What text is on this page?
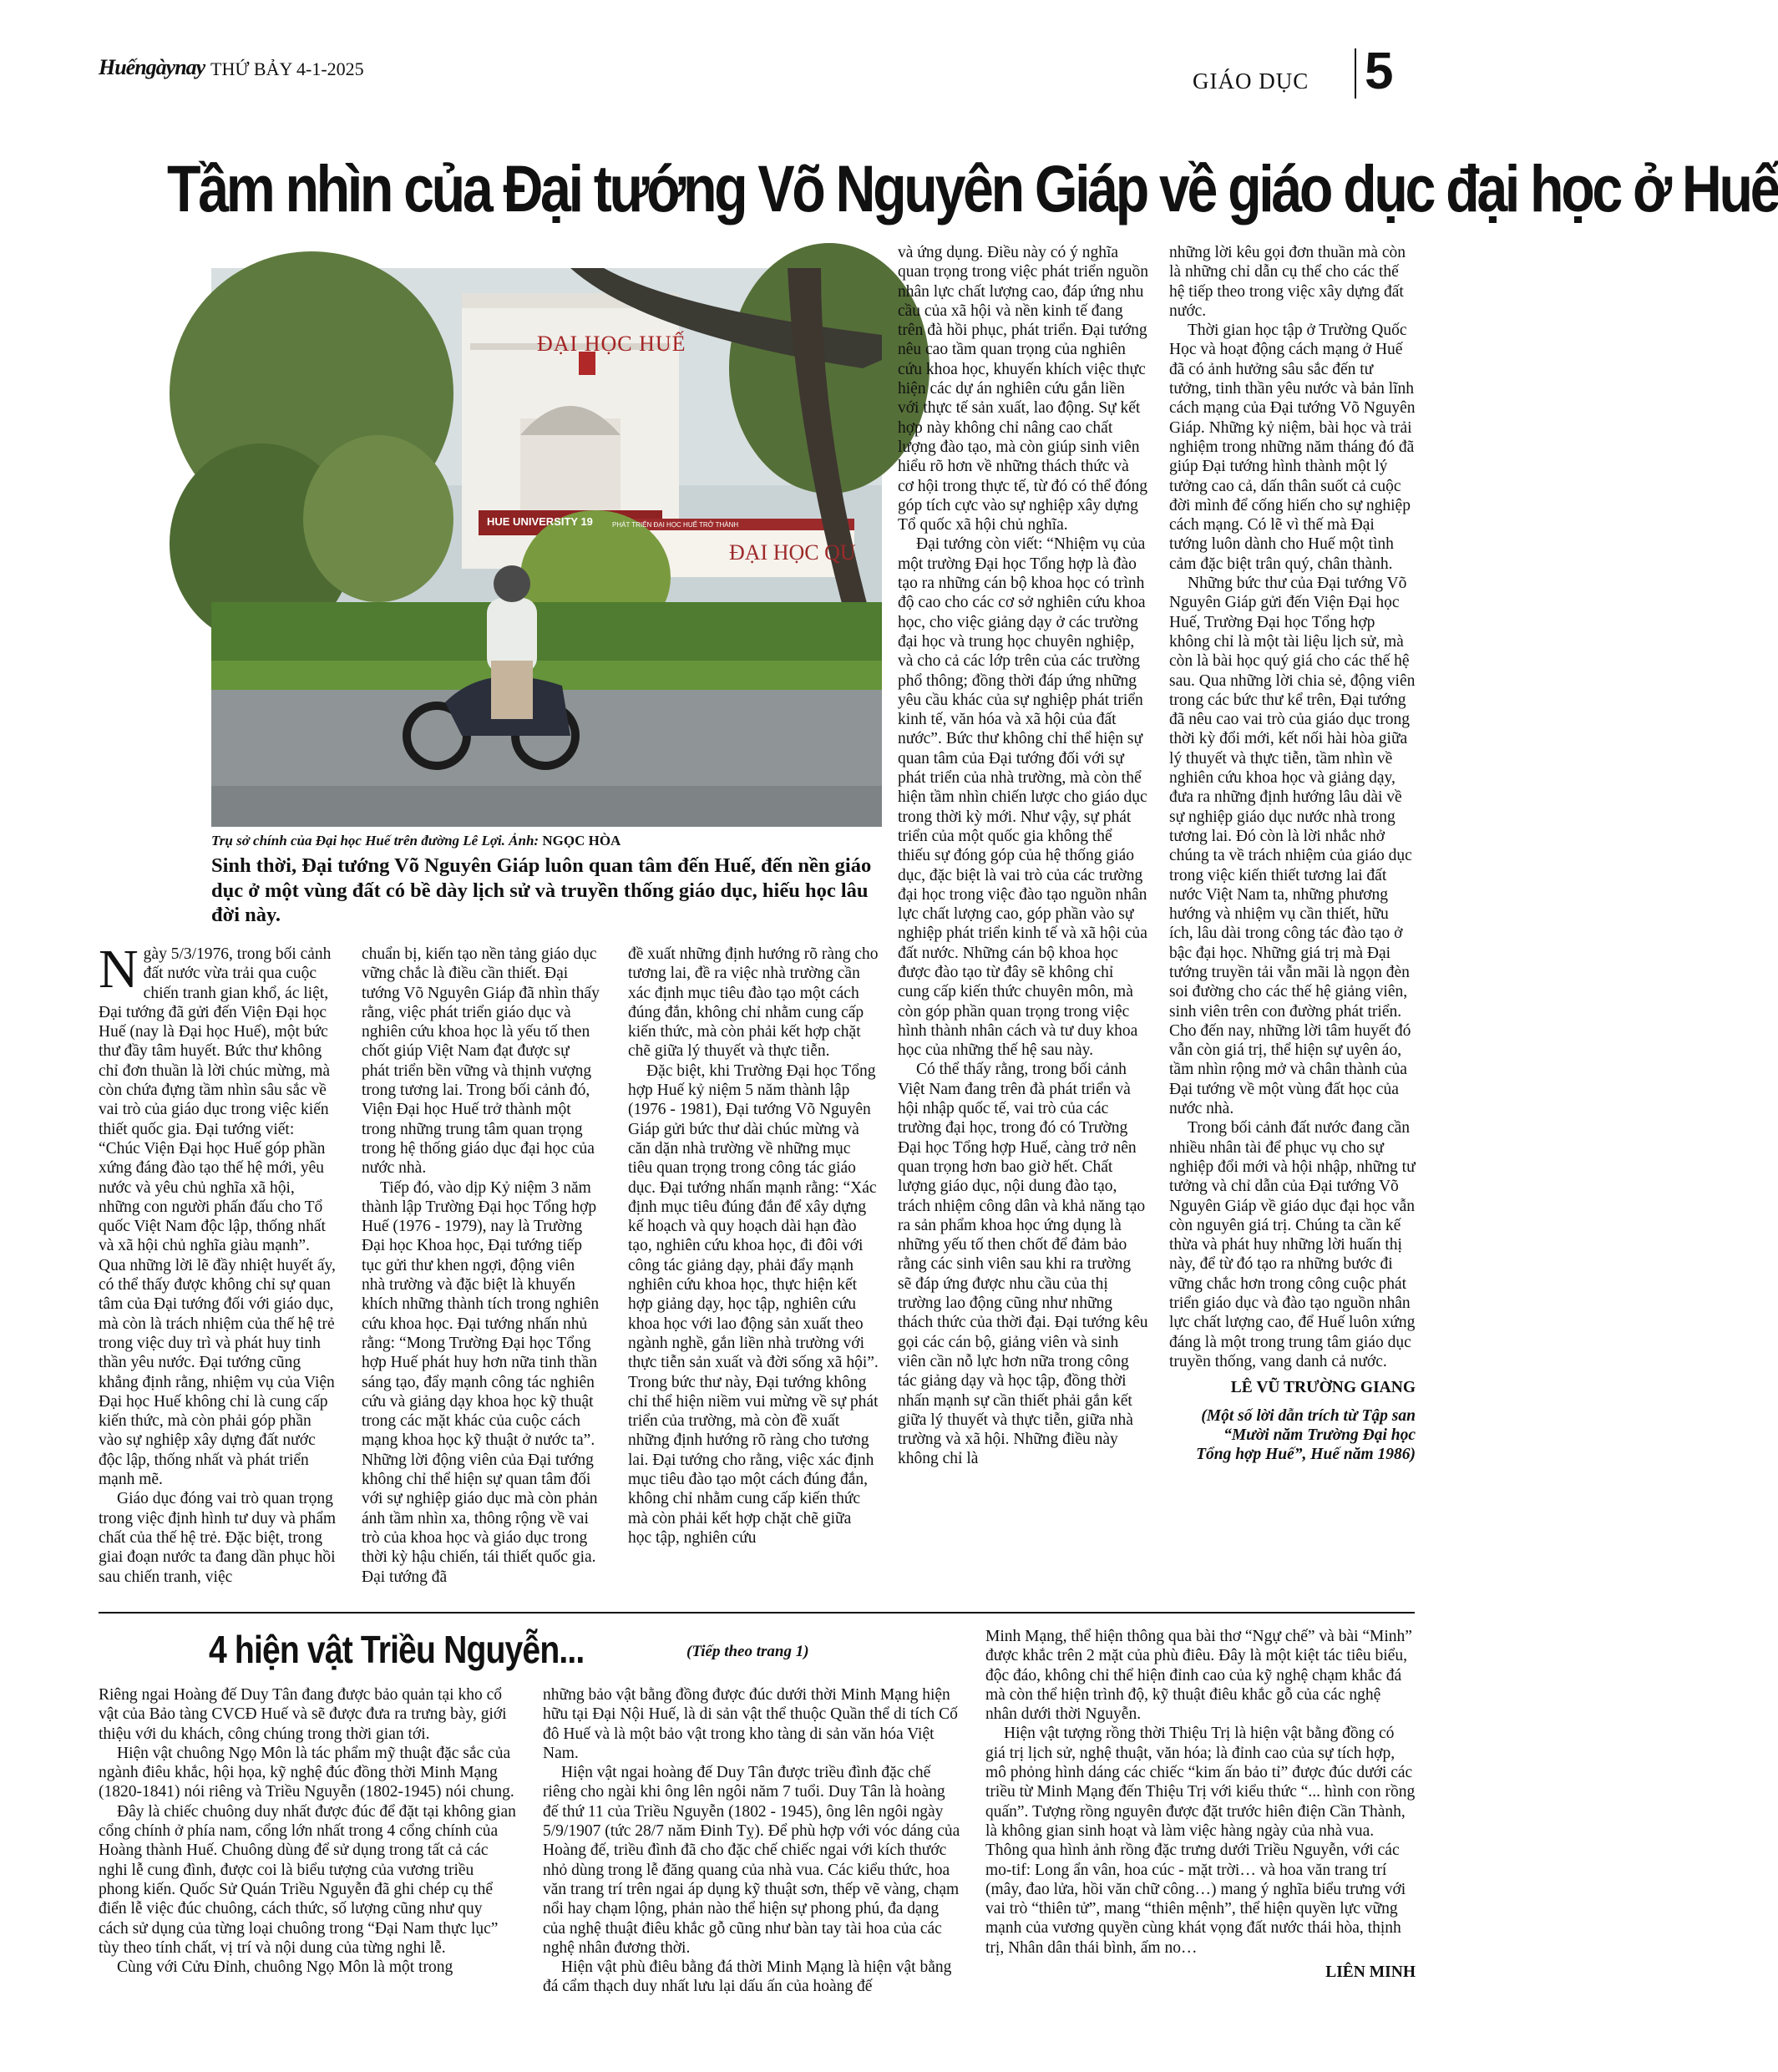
Huếngàynay THỨ BẢY 4-1-2025	GIÁO DỤC 5
Tầm nhìn của Đại tướng Võ Nguyên Giáp về giáo dục đại học ở Huế
ĐẠI HỌC HUẾ
HUE UNIVERSITY 19
ĐẠI HỌC QU
PHÁT TRIỂN ĐẠI HỌC HUẾ TRỞ THÀNH
Trụ sở chính của Đại học Huế trên đường Lê Lợi. Ảnh: NGỌC HÒA
Sinh thời, Đại tướng Võ Nguyên Giáp luôn quan tâm đến Huế, đến nền giáo dục ở một vùng đất có bề dày lịch sử và truyền thống giáo dục, hiếu học lâu đời này.

Ngày 5/3/1976, trong bối cảnh đất nước vừa trải qua cuộc chiến tranh gian khổ, ác liệt, Đại tướng đã gửi đến Viện Đại học Huế (nay là Đại học Huế), một bức thư đầy tâm huyết. Bức thư không chỉ đơn thuần là lời chúc mừng, mà còn chứa đựng tầm nhìn sâu sắc về vai trò của giáo dục trong việc kiến thiết quốc gia. Đại tướng viết: “Chúc Viện Đại học Huế góp phần xứng đáng đào tạo thế hệ mới, yêu nước và yêu chủ nghĩa xã hội, những con người phấn đấu cho Tổ quốc Việt Nam độc lập, thống nhất và xã hội chủ nghĩa giàu mạnh”. Qua những lời lẽ đầy nhiệt huyết ấy, có thể thấy được không chỉ sự quan tâm của Đại tướng đối với giáo dục, mà còn là trách nhiệm của thế hệ trẻ trong việc duy trì và phát huy tinh thần yêu nước. Đại tướng cũng khẳng định rằng, nhiệm vụ của Viện Đại học Huế không chỉ là cung cấp kiến thức, mà còn phải góp phần vào sự nghiệp xây dựng đất nước độc lập, thống nhất và phát triển mạnh mẽ.

Giáo dục đóng vai trò quan trọng trong việc định hình tư duy và phẩm chất của thế hệ trẻ. Đặc biệt, trong giai đoạn nước ta đang dần phục hồi sau chiến tranh, việc

chuẩn bị, kiến tạo nền tảng giáo dục vững chắc là điều cần thiết. Đại tướng Võ Nguyên Giáp đã nhìn thấy rằng, việc phát triển giáo dục và nghiên cứu khoa học là yếu tố then chốt giúp Việt Nam đạt được sự phát triển bền vững và thịnh vượng trong tương lai. Trong bối cảnh đó, Viện Đại học Huế trở thành một trong những trung tâm quan trọng trong hệ thống giáo dục đại học của nước nhà.

Tiếp đó, vào dịp Kỷ niệm 3 năm thành lập Trường Đại học Tổng hợp Huế (1976 - 1979), nay là Trường Đại học Khoa học, Đại tướng tiếp tục gửi thư khen ngợi, động viên nhà trường và đặc biệt là khuyến khích những thành tích trong nghiên cứu khoa học. Đại tướng nhấn nhủ rằng: “Mong Trường Đại học Tổng hợp Huế phát huy hơn nữa tinh thần sáng tạo, đẩy mạnh công tác nghiên cứu và giảng dạy khoa học kỹ thuật trong các mặt khác của cuộc cách mạng khoa học kỹ thuật ở nước ta”. Những lời động viên của Đại tướng không chỉ thể hiện sự quan tâm đối với sự nghiệp giáo dục mà còn phản ánh tầm nhìn xa, thông rộng về vai trò của khoa học và giáo dục trong thời kỳ hậu chiến, tái thiết quốc gia. Đại tướng đã

đề xuất những định hướng rõ ràng cho tương lai, đề ra việc nhà trường cần xác định mục tiêu đào tạo một cách đúng đắn, không chỉ nhằm cung cấp kiến thức, mà còn phải kết hợp chặt chẽ giữa lý thuyết và thực tiễn.

Đặc biệt, khi Trường Đại học Tổng hợp Huế kỷ niệm 5 năm thành lập (1976 - 1981), Đại tướng Võ Nguyên Giáp gửi bức thư dài chúc mừng và căn dặn nhà trường về những mục tiêu quan trọng trong công tác giáo dục. Đại tướng nhấn mạnh rằng: “Xác định mục tiêu đúng đắn để xây dựng kế hoạch và quy hoạch dài hạn đào tạo, nghiên cứu khoa học, đi đôi với công tác giảng dạy, phải đẩy mạnh nghiên cứu khoa học, thực hiện kết hợp giảng dạy, học tập, nghiên cứu khoa học với lao động sản xuất theo ngành nghề, gắn liền nhà trường với thực tiễn sản xuất và đời sống xã hội”. Trong bức thư này, Đại tướng không chỉ thể hiện niềm vui mừng về sự phát triển của trường, mà còn đề xuất những định hướng rõ ràng cho tương lai. Đại tướng cho rằng, việc xác định mục tiêu đào tạo một cách đúng đắn, không chỉ nhằm cung cấp kiến thức mà còn phải kết hợp chặt chẽ giữa học tập, nghiên cứu

và ứng dụng. Điều này có ý nghĩa quan trọng trong việc phát triển nguồn nhân lực chất lượng cao, đáp ứng nhu cầu của xã hội và nền kinh tế đang trên đà hồi phục, phát triển. Đại tướng nêu cao tầm quan trọng của nghiên cứu khoa học, khuyến khích việc thực hiện các dự án nghiên cứu gắn liền với thực tế sản xuất, lao động. Sự kết hợp này không chỉ nâng cao chất lượng đào tạo, mà còn giúp sinh viên hiểu rõ hơn về những thách thức và cơ hội trong thực tế, từ đó có thể đóng góp tích cực vào sự nghiệp xây dựng Tổ quốc xã hội chủ nghĩa.

Đại tướng còn viết: “Nhiệm vụ của một trường Đại học Tổng hợp là đào tạo ra những cán bộ khoa học có trình độ cao cho các cơ sở nghiên cứu khoa học, cho việc giảng dạy ở các trường đại học và trung học chuyên nghiệp, và cho cả các lớp trên của các trường phổ thông; đồng thời đáp ứng những yêu cầu khác của sự nghiệp phát triển kinh tế, văn hóa và xã hội của đất nước”. Bức thư không chỉ thể hiện sự quan tâm của Đại tướng đối với sự phát triển của nhà trường, mà còn thể hiện tầm nhìn chiến lược cho giáo dục trong thời kỳ mới. Như vậy, sự phát triển của một quốc gia không thể thiếu sự đóng góp của hệ thống giáo dục, đặc biệt là vai trò của các trường đại học trong việc đào tạo nguồn nhân lực chất lượng cao, góp phần vào sự nghiệp phát triển kinh tế và xã hội của đất nước. Những cán bộ khoa học được đào tạo từ đây sẽ không chỉ cung cấp kiến thức chuyên môn, mà còn góp phần quan trọng trong việc hình thành nhân cách và tư duy khoa học của những thế hệ sau này.

Có thể thấy rằng, trong bối cảnh Việt Nam đang trên đà phát triển và hội nhập quốc tế, vai trò của các trường đại học, trong đó có Trường Đại học Tổng hợp Huế, càng trở nên quan trọng hơn bao giờ hết. Chất lượng giáo dục, nội dung đào tạo, trách nhiệm công dân và khả năng tạo ra sản phẩm khoa học ứng dụng là những yếu tố then chốt để đảm bảo rằng các sinh viên sau khi ra trường sẽ đáp ứng được nhu cầu của thị trường lao động cũng như những thách thức của thời đại. Đại tướng kêu gọi các cán bộ, giảng viên và sinh viên cần nỗ lực hơn nữa trong công tác giảng dạy và học tập, đồng thời nhấn mạnh sự cần thiết phải gắn kết giữa lý thuyết và thực tiễn, giữa nhà trường và xã hội. Những điều này không chỉ là

những lời kêu gọi đơn thuần mà còn là những chỉ dẫn cụ thể cho các thế hệ tiếp theo trong việc xây dựng đất nước.

Thời gian học tập ở Trường Quốc Học và hoạt động cách mạng ở Huế đã có ảnh hưởng sâu sắc đến tư tưởng, tinh thần yêu nước và bản lĩnh cách mạng của Đại tướng Võ Nguyên Giáp. Những kỷ niệm, bài học và trải nghiệm trong những năm tháng đó đã giúp Đại tướng hình thành một lý tưởng cao cả, dấn thân suốt cả cuộc đời mình để cống hiến cho sự nghiệp cách mạng. Có lẽ vì thế mà Đại tướng luôn dành cho Huế một tình cảm đặc biệt trân quý, chân thành.

Những bức thư của Đại tướng Võ Nguyên Giáp gửi đến Viện Đại học Huế, Trường Đại học Tổng hợp không chỉ là một tài liệu lịch sử, mà còn là bài học quý giá cho các thế hệ sau. Qua những lời chia sẻ, động viên trong các bức thư kể trên, Đại tướng đã nêu cao vai trò của giáo dục trong thời kỳ đổi mới, kết nối hài hòa giữa lý thuyết và thực tiễn, tầm nhìn về nghiên cứu khoa học và giảng dạy, đưa ra những định hướng lâu dài về sự nghiệp giáo dục nước nhà trong tương lai. Đó còn là lời nhắc nhở chúng ta về trách nhiệm của giáo dục trong việc kiến thiết tương lai đất nước Việt Nam ta, những phương hướng và nhiệm vụ cần thiết, hữu ích, lâu dài trong công tác đào tạo ở bậc đại học. Những giá trị mà Đại tướng truyền tải vẫn mãi là ngọn đèn soi đường cho các thế hệ giảng viên, sinh viên trên con đường phát triển. Cho đến nay, những lời tâm huyết đó vẫn còn giá trị, thể hiện sự uyên áo, tầm nhìn rộng mở và chân thành của Đại tướng về một vùng đất học của nước nhà.

Trong bối cảnh đất nước đang cần nhiều nhân tài để phục vụ cho sự nghiệp đổi mới và hội nhập, những tư tưởng và chỉ dẫn của Đại tướng Võ Nguyên Giáp về giáo dục đại học vẫn còn nguyên giá trị. Chúng ta cần kế thừa và phát huy những lời huấn thị này, để từ đó tạo ra những bước đi vững chắc hơn trong công cuộc phát triển giáo dục và đào tạo nguồn nhân lực chất lượng cao, để Huế luôn xứng đáng là một trong trung tâm giáo dục truyền thống, vang danh cả nước.

LÊ VŨ TRƯỜNG GIANG
(Một số lời dẫn trích từ Tập san
“Mười năm Trường Đại học
Tổng hợp Huế”, Huế năm 1986)
4 hiện vật Triều Nguyễn...	(Tiếp theo trang 1)

Riêng ngai Hoàng đế Duy Tân đang được bảo quản tại kho cổ vật của Bảo tàng CVCĐ Huế và sẽ được đưa ra trưng bày, giới thiệu với du khách, công chúng trong thời gian tới.

Hiện vật chuông Ngọ Môn là tác phẩm mỹ thuật đặc sắc của ngành điêu khắc, hội họa, kỹ nghệ đúc đồng thời Minh Mạng (1820-1841) nói riêng và Triều Nguyễn (1802-1945) nói chung.

Đây là chiếc chuông duy nhất được đúc để đặt tại không gian cổng chính ở phía nam, cổng lớn nhất trong 4 cổng chính của Hoàng thành Huế. Chuông dùng để sử dụng trong tất cả các nghi lễ cung đình, được coi là biểu tượng của vương triều phong kiến. Quốc Sử Quán Triều Nguyễn đã ghi chép cụ thể điển lễ việc đúc chuông, cách thức, số lượng cũng như quy cách sử dụng của từng loại chuông trong “Đại Nam thực lục” tùy theo tính chất, vị trí và nội dung của từng nghi lễ.

Cùng với Cửu Đỉnh, chuông Ngọ Môn là một trong

những bảo vật bằng đồng được đúc dưới thời Minh Mạng hiện hữu tại Đại Nội Huế, là di sản vật thể thuộc Quần thể di tích Cố đô Huế và là một bảo vật trong kho tàng di sản văn hóa Việt Nam.

Hiện vật ngai hoàng đế Duy Tân được triều đình đặc chế riêng cho ngài khi ông lên ngôi năm 7 tuổi. Duy Tân là hoàng đế thứ 11 của Triều Nguyễn (1802 - 1945), ông lên ngôi ngày 5/9/1907 (tức 28/7 năm Đinh Tỵ). Để phù hợp với vóc dáng của Hoàng đế, triều đình đã cho đặc chế chiếc ngai với kích thước nhỏ dùng trong lễ đăng quang của nhà vua. Các kiểu thức, hoa văn trang trí trên ngai áp dụng kỹ thuật sơn, thếp vẽ vàng, chạm nổi hay chạm lộng, phản nào thể hiện sự phong phú, đa dạng của nghệ thuật điêu khắc gỗ cũng như bàn tay tài hoa của các nghệ nhân đương thời.

Hiện vật phù điêu bằng đá thời Minh Mạng là hiện vật bằng đá cẩm thạch duy nhất lưu lại dấu ấn của hoàng đế

Minh Mạng, thể hiện thông qua bài thơ “Ngự chế” và bài “Minh” được khắc trên 2 mặt của phù điêu. Đây là một kiệt tác tiêu biểu, độc đáo, không chỉ thể hiện đỉnh cao của kỹ nghệ chạm khắc đá mà còn thể hiện trình độ, kỹ thuật điêu khắc gỗ của các nghệ nhân dưới thời Nguyễn.

Hiện vật tượng rồng thời Thiệu Trị là hiện vật bằng đồng có giá trị lịch sử, nghệ thuật, văn hóa; là đỉnh cao của sự tích hợp, mô phỏng hình dáng các chiếc “kim ấn bảo tỉ” được đúc dưới các triều từ Minh Mạng đến Thiệu Trị với kiểu thức “... hình con rồng quấn”. Tượng rồng nguyên được đặt trước hiên điện Cần Thành, là không gian sinh hoạt và làm việc hàng ngày của nhà vua. Thông qua hình ảnh rồng đặc trưng dưới Triều Nguyễn, với các mo-tif: Long ẩn vân, hoa cúc - mặt trời… và hoa văn trang trí (mây, đao lửa, hồi văn chữ công…) mang ý nghĩa biểu trưng với vai trò “thiên tử”, mang “thiên mệnh”, thể hiện quyền lực vững mạnh của vương quyền cùng khát vọng đất nước thái hòa, thịnh trị, Nhân dân thái bình, ấm no…

LIÊN MINH
